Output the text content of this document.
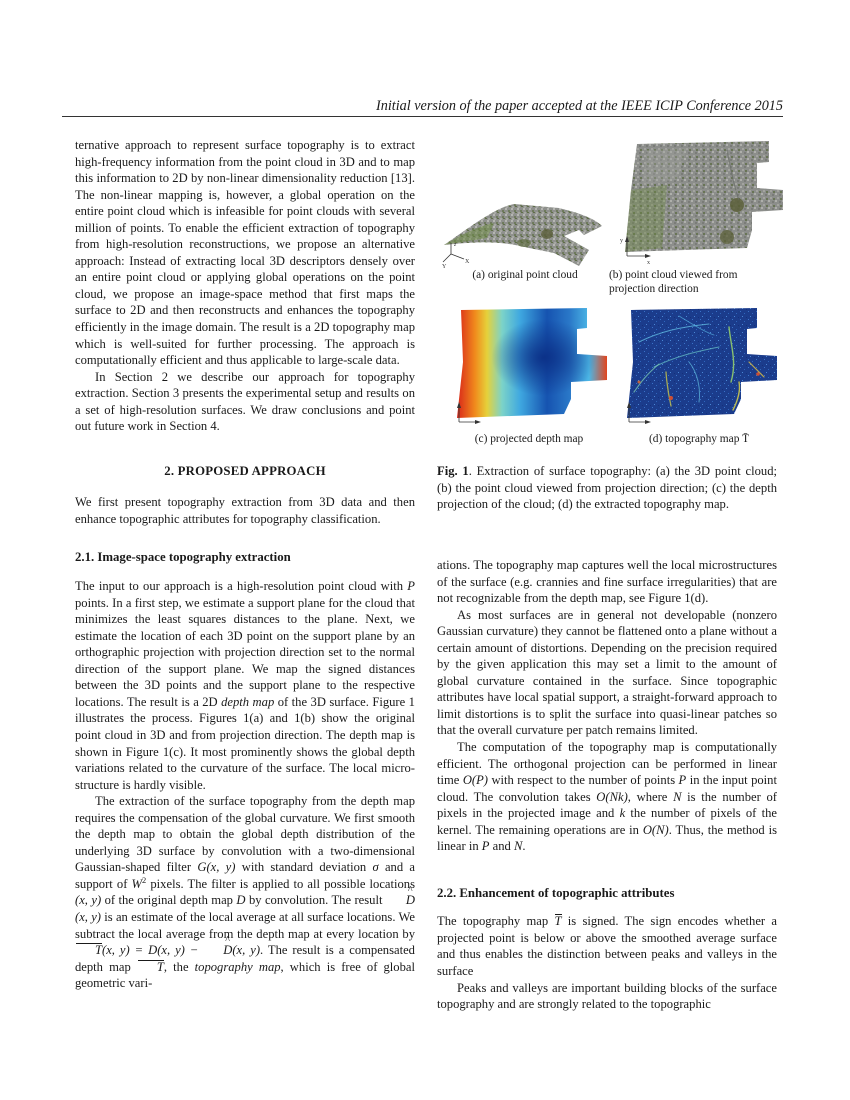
Initial version of the paper accepted at the IEEE ICIP Conference 2015

ternative approach to represent surface topography is to extract high-frequency information from the point cloud in 3D and to map this information to 2D by non-linear dimensionality reduction [13]. The non-linear mapping is, however, a global operation on the entire point cloud which is infeasible for point clouds with several million of points. To enable the efficient extraction of topography from high-resolution reconstructions, we propose an alternative approach: Instead of extracting local 3D descriptors densely over an entire point cloud or applying global operations on the point cloud, we propose an image-space method that first maps the surface to 2D and then reconstructs and enhances the topography efficiently in the image domain. The result is a 2D topography map which is well-suited for further processing. The approach is computationally efficient and thus applicable to large-scale data.

In Section 2 we describe our approach for topography extraction. Section 3 presents the experimental setup and results on a set of high-resolution surfaces. We draw conclusions and point out future work in Section 4.

2. PROPOSED APPROACH

We first present topography extraction from 3D data and then enhance topographic attributes for topography classification.

2.1. Image-space topography extraction

The input to our approach is a high-resolution point cloud with P points. In a first step, we estimate a support plane for the cloud that minimizes the least squares distances to the plane. Next, we estimate the location of each 3D point on the support plane by an orthographic projection with projection direction set to the normal direction of the support plane. We map the signed distances between the 3D points and the support plane to the respective locations. The result is a 2D depth map of the 3D surface. Figure 1 illustrates the process. Figures 1(a) and 1(b) show the original point cloud in 3D and from projection direction. The depth map is shown in Figure 1(c). It most prominently shows the global depth variations related to the curvature of the surface. The local micro-structure is hardly visible.

The extraction of the surface topography from the depth map requires the compensation of the global curvature. We first smooth the depth map to obtain the global depth distribution of the underlying 3D surface by convolution with a two-dimensional Gaussian-shaped filter G(x, y) with standard deviation σ and a support of $W^2$ pixels. The filter is applied to all possible locations (x, y) of the original depth map D by convolution. The result ^ D(x, y) is an estimate of the local average at all surface locations. We subtract the local average from the depth map at every location by T(x, y) = D(x, y) − ^ D(x, y). The result is a compensated depth map T, the topography map, which is free of global geometric vari-

z
X
Y
(a) original point cloud
y
x
(b) point cloud viewed from projection direction
(c) projected depth map	(d) topography map T̄
Fig. 1. Extraction of surface topography: (a) the 3D point cloud; (b) the point cloud viewed from projection direction; (c) the depth projection of the cloud; (d) the extracted topography map.

ations. The topography map captures well the local microstructures of the surface (e.g. crannies and fine surface irregularities) that are not recognizable from the depth map, see Figure 1(d).

As most surfaces are in general not developable (nonzero Gaussian curvature) they cannot be flattened onto a plane without a certain amount of distortions. Depending on the precision required by the given application this may set a limit to the amount of global curvature contained in the surface. Since topographic attributes have local spatial support, a straight-forward approach to limit distortions is to split the surface into quasi-linear patches so that the overall curvature per patch remains limited.

The computation of the topography map is computationally efficient. The orthogonal projection can be performed in linear time O(P) with respect to the number of points P in the input point cloud. The convolution takes O(Nk), where N is the number of pixels in the projected image and k the number of pixels of the kernel. The remaining operations are in O(N). Thus, the method is linear in P and N.

2.2. Enhancement of topographic attributes

The topography map T is signed. The sign encodes whether a projected point is below or above the smoothed average surface and thus enables the distinction between peaks and valleys in the surface

Peaks and valleys are important building blocks of the surface topography and are strongly related to the topographic
